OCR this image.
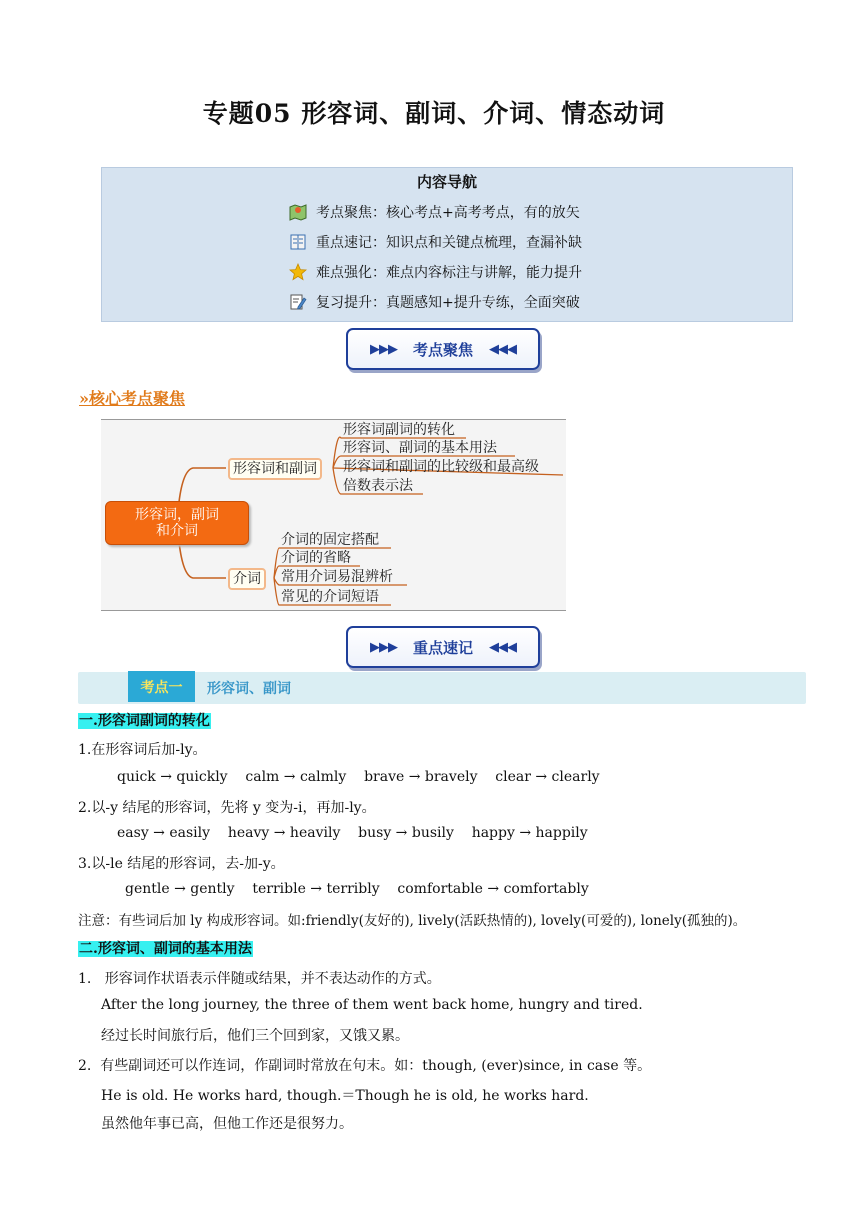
专题05 形容词、副词、介词、情态动词
内容导航
考点聚焦：核心考点+高考考点，有的放矢
重点速记：知识点和关键点梳理，查漏补缺
难点强化：难点内容标注与讲解，能力提升
复习提升：真题感知+提升专练，全面突破
▶▶▶ 考点聚焦 ◀◀◀
»核心考点聚焦
形容词，副词
和介词
形容词和副词
形容词副词的转化
形容词、副词的基本用法
形容词和副词的比较级和最高级
倍数表示法
介词
介词的固定搭配
介词的省略
常用介词易混辨析
常见的介词短语
▶▶▶ 重点速记 ◀◀◀
考点一	形容词、副词
一.形容词副词的转化
1.在形容词后加-ly。
quick → quickly    calm → calmly    brave → bravely    clear → clearly
2.以-y 结尾的形容词，先将 y 变为-i，再加-ly。
easy → easily    heavy → heavily    busy → busily    happy → happily
3.以-le 结尾的形容词，去-加-y。
gentle → gently    terrible → terribly    comfortable → comfortably
注意：有些词后加 ly 构成形容词。如:friendly(友好的), lively(活跃热情的), lovely(可爱的), lonely(孤独的)。
二.形容词、副词的基本用法
1.   形容词作状语表示伴随或结果，并不表达动作的方式。
After the long journey, the three of them went back home, hungry and tired.
经过长时间旅行后，他们三个回到家，又饿又累。
2.  有些副词还可以作连词，作副词时常放在句末。如：though, (ever)since, in case 等。
He is old. He works hard, though.＝Though he is old, he works hard.
虽然他年事已高，但他工作还是很努力。
